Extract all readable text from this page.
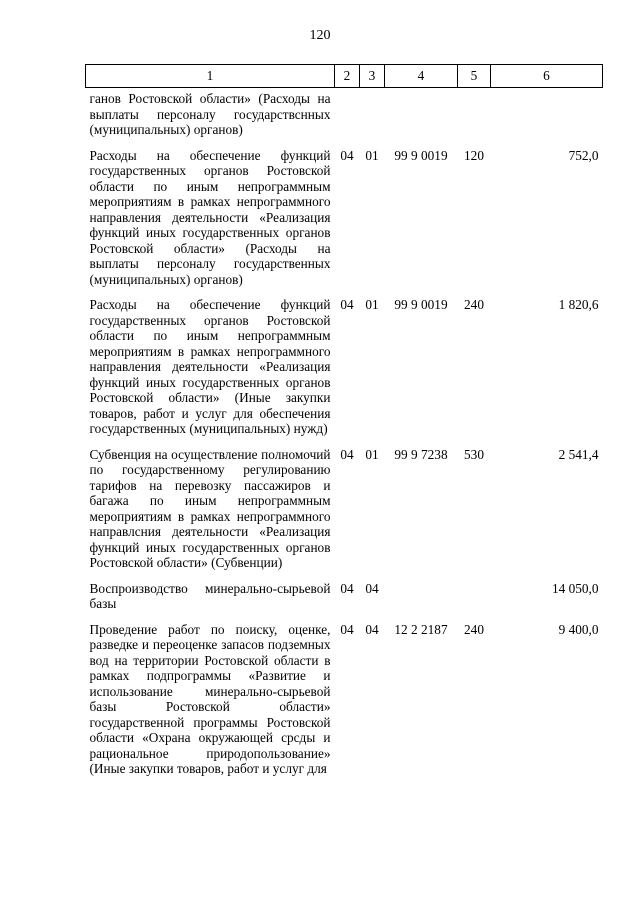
120
1	2	3	4	5	6
ганов Ростовской области» (Расходы на выплаты персоналу государствснных (муниципальных) органов)					
Расходы на обеспечение функций государственных органов Ростовской области по иным непрограммным мероприятиям в рамках непрограммного направления деятельности «Реализация функций иных государственных органов Ростовской области» (Расходы на выплаты персоналу государственных (муниципальных) органов)	04	01	99 9 0019	120	752,0
Расходы на обеспечение функций государственных органов Ростовской области по иным непрограммным мероприятиям в рамках непрограммного направления деятельности «Реализация функций иных государственных органов Ростовской области» (Иные закупки товаров, работ и услуг для обеспечения государственных (муниципальных) нужд)	04	01	99 9 0019	240	1 820,6
Субвенция на осуществление полномочий по государственному регулированию тарифов на перевозку пассажиров и багажа по иным непрограммным мероприятиям в рамках непрограммного направлсния деятельности «Реализация функций иных государственных органов Ростовской области» (Субвенции)	04	01	99 9 7238	530	2 541,4
Воспроизводство минерально-сырьевой базы	04	04			14 050,0
Проведение работ по поиску, оценке, разведке и переоценке запасов подземных вод на территории Ростовской области в рамках подпрограммы «Развитие и использование минерально-сырьевой базы Ростовской области» государственной программы Ростовской области «Охрана окружающей срсды и рациональное природопользование» (Иные закупки товаров, работ и услуг для	04	04	12 2 2187	240	9 400,0
